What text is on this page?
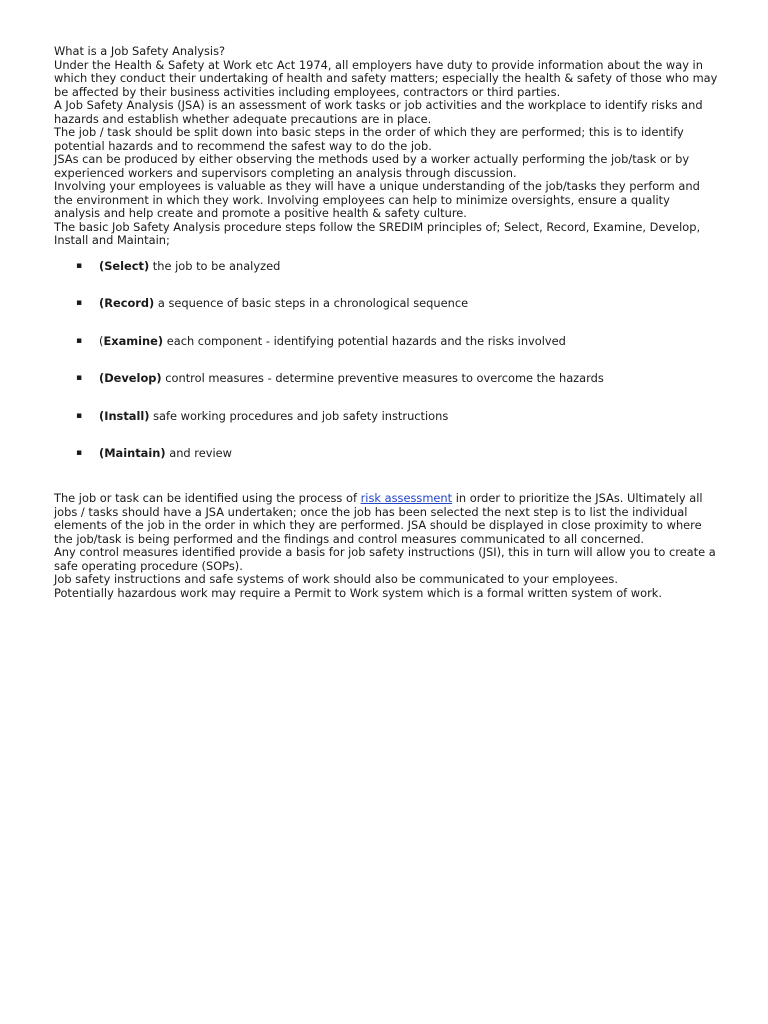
What is a Job Safety Analysis?

Under the Health & Safety at Work etc Act 1974, all employers have duty to provide information about the way in which they conduct their undertaking of health and safety matters; especially the health & safety of those who may be affected by their business activities including employees, contractors or third parties.

A Job Safety Analysis (JSA) is an assessment of work tasks or job activities and the workplace to identify risks and hazards and establish whether adequate precautions are in place.

The job / task should be split down into basic steps in the order of which they are performed; this is to identify potential hazards and to recommend the safest way to do the job.

JSAs can be produced by either observing the methods used by a worker actually performing the job/task or by experienced workers and supervisors completing an analysis through discussion.

Involving your employees is valuable as they will have a unique understanding of the job/tasks they perform and the environment in which they work. Involving employees can help to minimize oversights, ensure a quality analysis and help create and promote a positive health & safety culture.

The basic Job Safety Analysis procedure steps follow the SREDIM principles of; Select, Record, Examine, Develop, Install and Maintain;

▪ (Select) the job to be analyzed
▪ (Record) a sequence of basic steps in a chronological sequence
▪ (Examine) each component - identifying potential hazards and the risks involved
▪ (Develop) control measures - determine preventive measures to overcome the hazards
▪ (Install) safe working procedures and job safety instructions
▪ (Maintain) and review

The job or task can be identified using the process of risk assessment in order to prioritize the JSAs. Ultimately all jobs / tasks should have a JSA undertaken; once the job has been selected the next step is to list the individual elements of the job in the order in which they are performed. JSA should be displayed in close proximity to where the job/task is being performed and the findings and control measures communicated to all concerned.

Any control measures identified provide a basis for job safety instructions (JSI), this in turn will allow you to create a safe operating procedure (SOPs).

Job safety instructions and safe systems of work should also be communicated to your employees.

Potentially hazardous work may require a Permit to Work system which is a formal written system of work.
